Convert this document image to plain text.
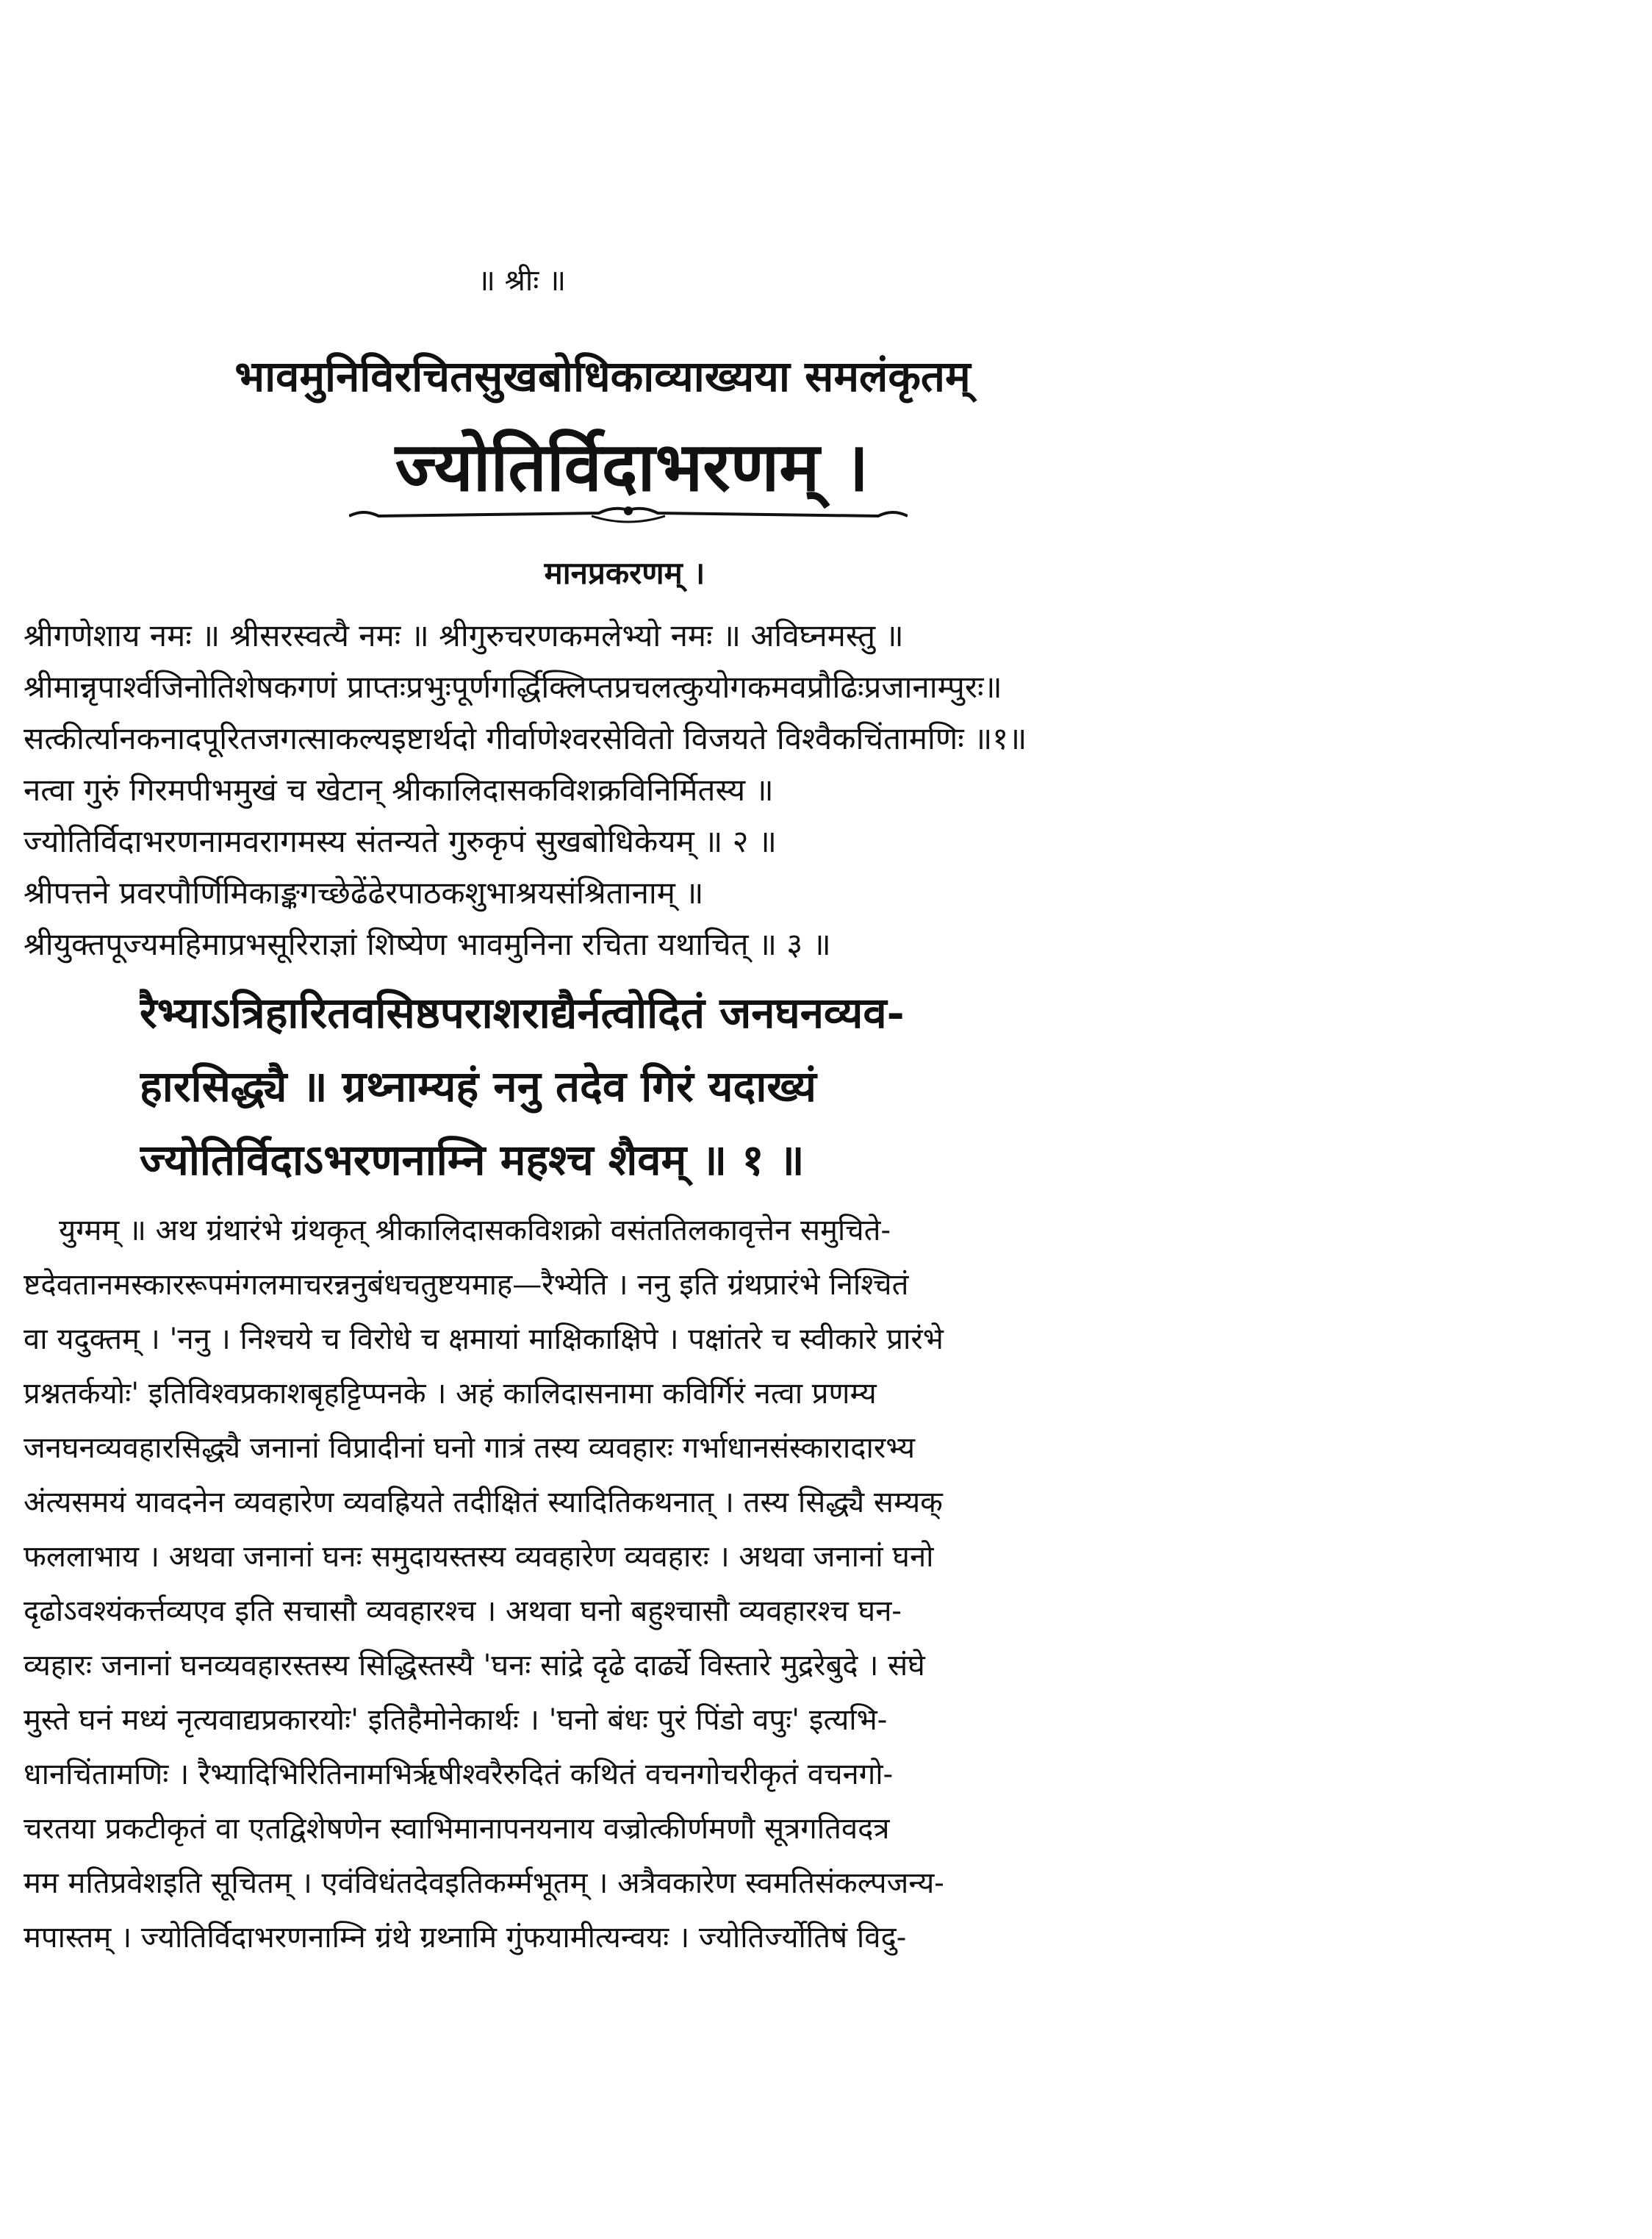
॥ श्रीः ॥
भावमुनिविरचितसुखबोधिकाव्याख्यया समलंकृतम्
ज्योतिर्विदाभरणम् ।
मानप्रकरणम् ।
श्रीगणेशाय नमः ॥ श्रीसरस्वत्यै नमः ॥ श्रीगुरुचरणकमलेभ्यो नमः ॥ अविघ्नमस्तु ॥
श्रीमान्नृपार्श्वजिनोतिशेषकगणं प्राप्तःप्रभुःपूर्णगर्द्धिक्लिप्तप्रचलत्कुयोगकमवप्रौढिःप्रजानाम्पुरः॥
सत्कीर्त्यानकनादपूरितजगत्साकल्यइष्टार्थदो गीर्वाणेश्वरसेवितो विजयते विश्वैकचिंतामणिः ॥१॥
नत्वा गुरुं गिरमपीभमुखं च खेटान् श्रीकालिदासकविशक्रविनिर्मितस्य ॥
ज्योतिर्विदाभरणनामवरागमस्य संतन्यते गुरुकृपं सुखबोधिकेयम् ॥ २ ॥
श्रीपत्तने प्रवरपौर्णिमिकाङ्कगच्छेढेंढेरपाठकशुभाश्रयसंश्रितानाम् ॥
श्रीयुक्तपूज्यमहिमाप्रभसूरिराज्ञां शिष्येण भावमुनिना रचिता यथाचित् ॥ ३ ॥
रैभ्याऽत्रिहारितवसिष्ठपराशराद्यैर्नत्वोदितं जनघनव्यव-
हारसिद्ध्यै ॥ ग्रथ्नाम्यहं ननु तदेव गिरं यदाख्यं
ज्योतिर्विदाऽभरणनाम्नि महश्च शैवम् ॥ १ ॥
युग्मम् ॥ अथ ग्रंथारंभे ग्रंथकृत् श्रीकालिदासकविशक्रो वसंततिलकावृत्तेन समुचिते-
ष्टदेवतानमस्काररूपमंगलमाचरन्ननुबंधचतुष्टयमाह—रैभ्येति । ननु इति ग्रंथप्रारंभे निश्चितं
वा यदुक्तम् । 'ननु । निश्चये च विरोधे च क्षमायां माक्षिकाक्षिपे । पक्षांतरे च स्वीकारे प्रारंभे
प्रश्नतर्कयोः' इतिविश्वप्रकाशबृहट्टिप्पनके । अहं कालिदासनामा कविर्गिरं नत्वा प्रणम्य
जनघनव्यवहारसिद्ध्यै जनानां विप्रादीनां घनो गात्रं तस्य व्यवहारः गर्भाधानसंस्कारादारभ्य
अंत्यसमयं यावदनेन व्यवहारेण व्यवह्रियते तदीक्षितं स्यादितिकथनात् । तस्य सिद्ध्यै सम्यक्
फललाभाय । अथवा जनानां घनः समुदायस्तस्य व्यवहारेण व्यवहारः । अथवा जनानां घनो
दृढोऽवश्यंकर्त्तव्यएव इति सचासौ व्यवहारश्च । अथवा घनो बहुश्चासौ व्यवहारश्च घन-
व्यहारः जनानां घनव्यवहारस्तस्य सिद्धिस्तस्यै 'घनः सांद्रे दृढे दार्ढ्ये विस्तारे मुद्ररेबुदे । संघे
मुस्ते घनं मध्यं नृत्यवाद्यप्रकारयोः' इतिहैमोनेकार्थः । 'घनो बंधः पुरं पिंडो वपुः' इत्यभि-
धानचिंतामणिः । रैभ्यादिभिरितिनामभिर्ऋषीश्वरैरुदितं कथितं वचनगोचरीकृतं वचनगो-
चरतया प्रकटीकृतं वा एतद्विशेषणेन स्वाभिमानापनयनाय वज्रोत्कीर्णमणौ सूत्रगतिवदत्र
मम मतिप्रवेशइति सूचितम् । एवंविधंतदेवइतिकर्म्मभूतम् । अत्रैवकारेण स्वमतिसंकल्पजन्य-
मपास्तम् । ज्योतिर्विदाभरणनाम्नि ग्रंथे ग्रथ्नामि गुंफयामीत्यन्वयः । ज्योतिर्ज्योतिषं विदु-
